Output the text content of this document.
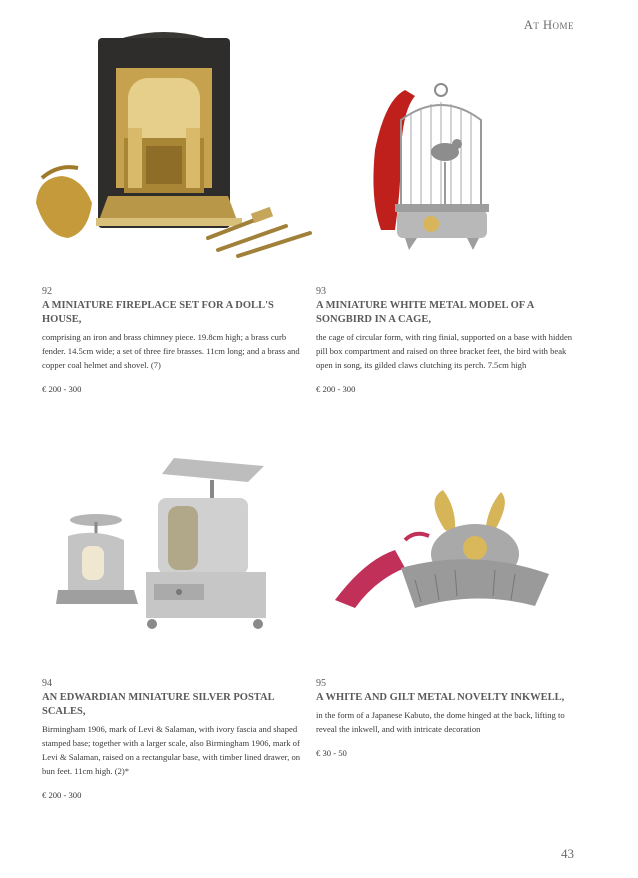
At Home
92
A MINIATURE FIREPLACE SET FOR A DOLL'S HOUSE,
comprising an iron and brass chimney piece. 19.8cm high; a brass curb fender. 14.5cm wide; a set of three fire brasses. 11cm long; and a brass and copper coal helmet and shovel. (7)
€ 200 - 300
93
A MINIATURE WHITE METAL MODEL OF A SONGBIRD IN A CAGE,
the cage of circular form, with ring finial, supported on a base with hidden pill box compartment and raised on three bracket feet, the bird with beak open in song, its gilded claws clutching its perch. 7.5cm high
€ 200 - 300
94
AN EDWARDIAN MINIATURE SILVER POSTAL SCALES,
Birmingham 1906, mark of Levi & Salaman, with ivory fascia and shaped stamped base; together with a larger scale, also Birmingham 1906, mark of Levi & Salaman, raised on a rectangular base, with timber lined drawer, on bun feet. 11cm high. (2)*
€ 200 - 300
95
A WHITE AND GILT METAL NOVELTY INKWELL,
in the form of a Japanese Kabuto, the dome hinged at the back, lifting to reveal the inkwell, and with intricate decoration
€ 30 - 50
43
